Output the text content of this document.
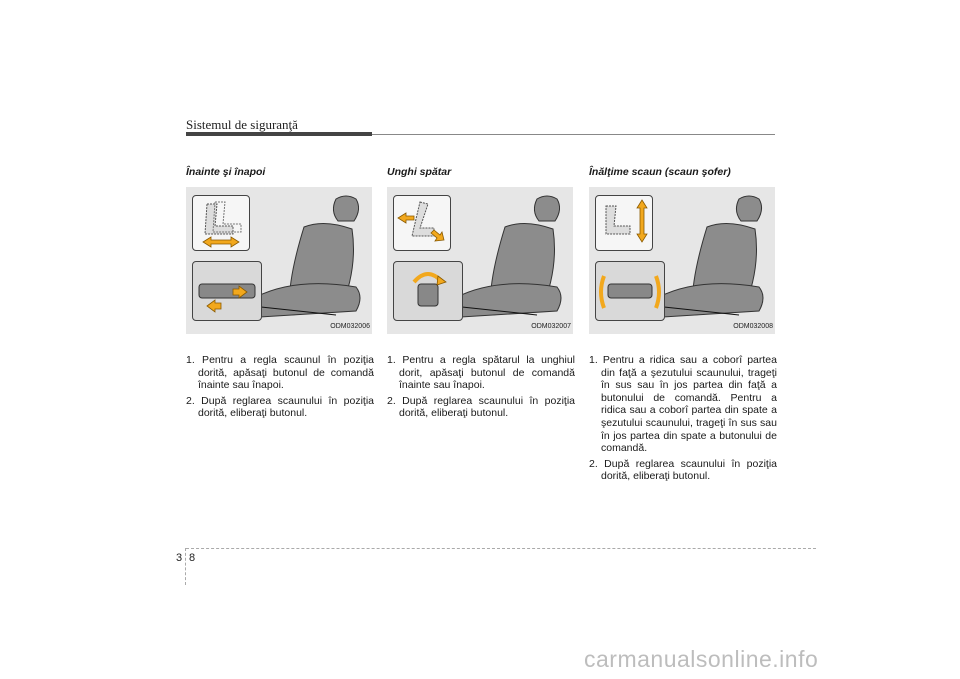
Sistemul de siguranţă
Înainte şi înapoi
ODM032006
1. Pentru a regla scaunul în poziţia dorită, apăsaţi butonul de comandă înainte sau înapoi.
2. După reglarea scaunului în poziţia dorită, eliberaţi butonul.
Unghi spătar
ODM032007
1. Pentru a regla spătarul la unghiul dorit, apăsaţi butonul de comandă înainte sau înapoi.
2. După reglarea scaunului în poziţia dorită, eliberaţi butonul.
Înălţime scaun (scaun şofer)
ODM032008
1. Pentru a ridica sau a coborî partea din faţă a şezutului scaunului, trageţi în sus sau în jos partea din faţă a butonului de comandă. Pentru a ridica sau a coborî partea din spate a şezutului scaunului, trageţi în sus sau în jos partea din spate a butonului de comandă.
2. După reglarea scaunului în poziţia dorită, eliberaţi butonul.
3 8
carmanualsonline.info
